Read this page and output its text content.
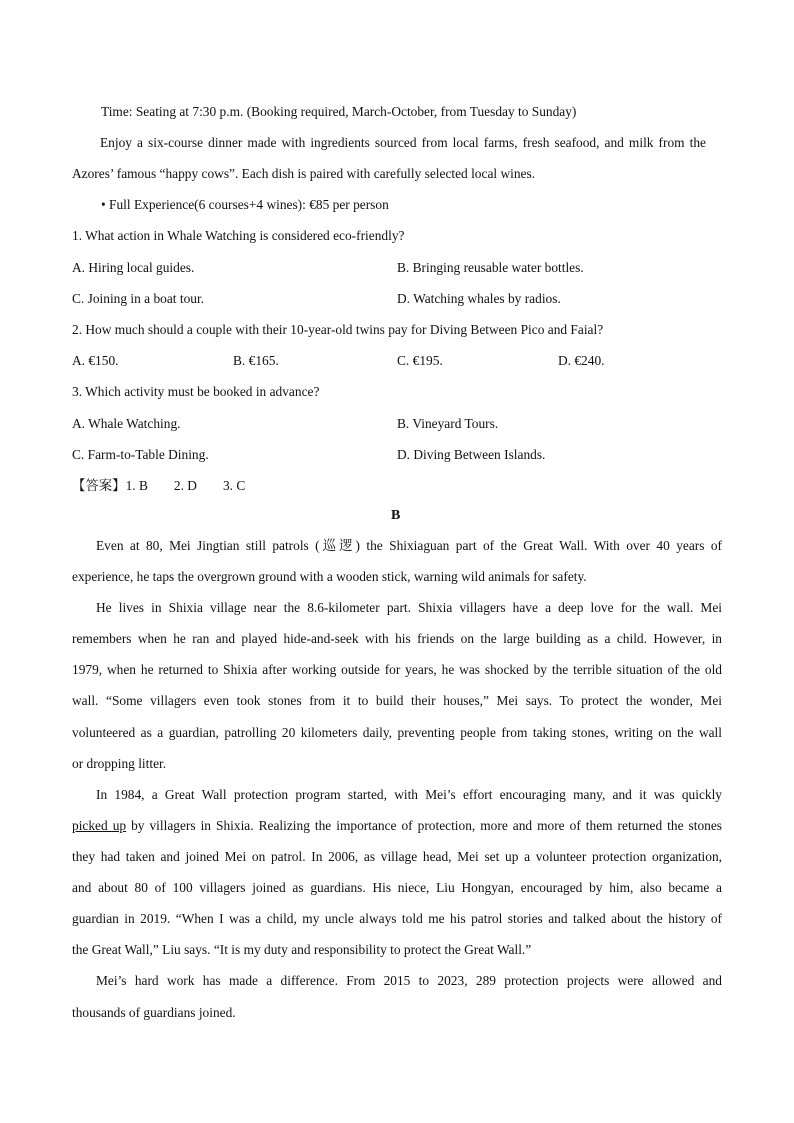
Time: Seating at 7:30 p.m. (Booking required, March-October, from Tuesday to Sunday)
Enjoy a six-course dinner made with ingredients sourced from local farms, fresh seafood, and milk from the
Azores’ famous “happy cows”. Each dish is paired with carefully selected local wines.
• Full Experience(6 courses+4 wines): €85 per person
1. What action in Whale Watching is considered eco-friendly?
A. Hiring local guides.	B. Bringing reusable water bottles.
C. Joining in a boat tour.	D. Watching whales by radios.
2. How much should a couple with their 10-year-old twins pay for Diving Between Pico and Faial?
A. €150.	B. €165.	C. €195.	D. €240.
3. Which activity must be booked in advance?
A. Whale Watching.	B. Vineyard Tours.
C. Farm-to-Table Dining.	D. Diving Between Islands.
【答案】1. B 2. D 3. C
B
Even at 80, Mei Jingtian still patrols (巡逻) the Shixiaguan part of the Great Wall. With over 40 years of
experience, he taps the overgrown ground with a wooden stick, warning wild animals for safety.
He lives in Shixia village near the 8.6-kilometer part. Shixia villagers have a deep love for the wall. Mei
remembers when he ran and played hide-and-seek with his friends on the large building as a child. However, in
1979, when he returned to Shixia after working outside for years, he was shocked by the terrible situation of the old
wall. “Some villagers even took stones from it to build their houses,” Mei says. To protect the wonder, Mei
volunteered as a guardian, patrolling 20 kilometers daily, preventing people from taking stones, writing on the wall
or dropping litter.
In 1984, a Great Wall protection program started, with Mei’s effort encouraging many, and it was quickly
picked up by villagers in Shixia. Realizing the importance of protection, more and more of them returned the stones
they had taken and joined Mei on patrol. In 2006, as village head, Mei set up a volunteer protection organization,
and about 80 of 100 villagers joined as guardians. His niece, Liu Hongyan, encouraged by him, also became a
guardian in 2019. “When I was a child, my uncle always told me his patrol stories and talked about the history of
the Great Wall,” Liu says. “It is my duty and responsibility to protect the Great Wall.”
Mei’s hard work has made a difference. From 2015 to 2023, 289 protection projects were allowed and
thousands of guardians joined.
